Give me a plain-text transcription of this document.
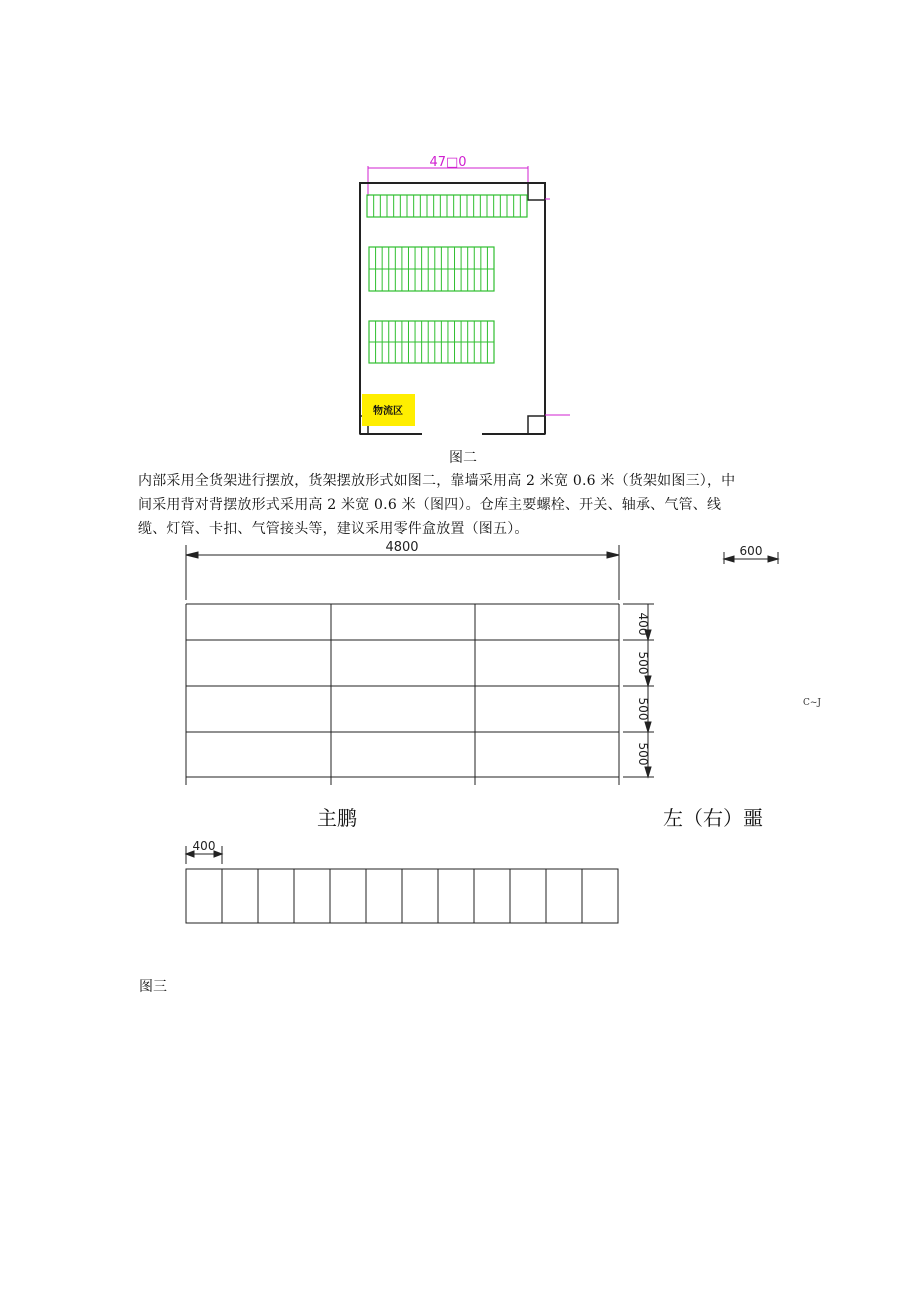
47□0
物流区
图二
内部采用全货架进行摆放，货架摆放形式如图二，靠墙采用高 2 米宽 0.6 米（货架如图三），中
间采用背对背摆放形式采用高 2 米宽 0.6 米（图四）。仓库主要螺栓、开关、轴承、气管、线
缆、灯管、卡扣、气管接头等，建议采用零件盒放置（图五）。
4800
400
500
500
500
600
C~J
主鹏	左（右）噩
400
图三
